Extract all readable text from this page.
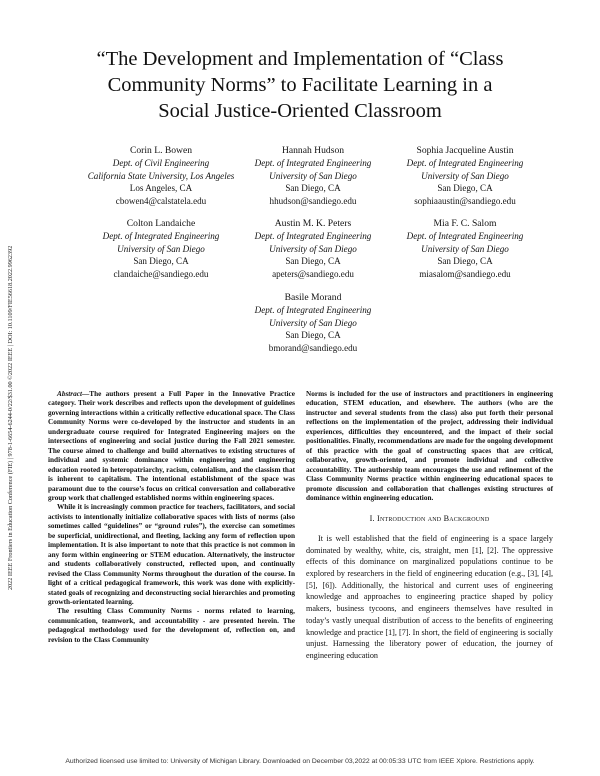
2022 IEEE Frontiers in Education Conference (FIE) | 978-1-6654-6244-0/22/$31.00 ©2022 IEEE | DOI: 10.1109/FIE56618.2022.9962392
“The Development and Implementation of “Class
Community Norms” to Facilitate Learning in a
Social Justice-Oriented Classroom
Corin L. Bowen
Dept. of Civil Engineering
California State University, Los Angeles
Los Angeles, CA
cbowen4@calstatela.edu
Hannah Hudson
Dept. of Integrated Engineering
University of San Diego
San Diego, CA
hhudson@sandiego.edu
Sophia Jacqueline Austin
Dept. of Integrated Engineering
University of San Diego
San Diego, CA
sophiaaustin@sandiego.edu
Colton Landaiche
Dept. of Integrated Engineering
University of San Diego
San Diego, CA
clandaiche@sandiego.edu
Austin M. K. Peters
Dept. of Integrated Engineering
University of San Diego
San Diego, CA
apeters@sandiego.edu
Mia F. C. Salom
Dept. of Integrated Engineering
University of San Diego
San Diego, CA
miasalom@sandiego.edu
Basile Morand
Dept. of Integrated Engineering
University of San Diego
San Diego, CA
bmorand@sandiego.edu

Abstract—The authors present a Full Paper in the Innovative Practice category. Their work describes and reflects upon the development of guidelines governing interactions within a critically reflective educational space. The Class Community Norms were co-developed by the instructor and students in an undergraduate course required for Integrated Engineering majors on the intersections of engineering and social justice during the Fall 2021 semester. The course aimed to challenge and build alternatives to existing structures of individual and systemic dominance within engineering and engineering education rooted in heteropatriarchy, racism, colonialism, and the classism that is inherent to capitalism. The intentional establishment of the space was paramount due to the course’s focus on critical conversation and collaborative group work that challenged established norms within engineering spaces.

While it is increasingly common practice for teachers, facilitators, and social activists to intentionally initialize collaborative spaces with lists of norms (also sometimes called “guidelines” or “ground rules”), the exercise can sometimes be superficial, unidirectional, and fleeting, lacking any form of reflection upon implementation. It is also important to note that this practice is not common in any form within engineering or STEM education. Alternatively, the instructor and students collaboratively constructed, reflected upon, and continually revised the Class Community Norms throughout the duration of the course. In light of a critical pedagogical framework, this work was done with explicitly-stated goals of recognizing and deconstructing social hierarchies and promoting growth-orientated learning.

The resulting Class Community Norms - norms related to learning, communication, teamwork, and accountability - are presented herein. The pedagogical methodology used for the development of, reflection on, and revision to the Class Community

Norms is included for the use of instructors and practitioners in engineering education, STEM education, and elsewhere. The authors (who are the instructor and several students from the class) also put forth their personal reflections on the implementation of the project, addressing their individual experiences, difficulties they encountered, and the impact of their social positionalities. Finally, recommendations are made for the ongoing development of this practice with the goal of constructing spaces that are critical, collaborative, growth-oriented, and promote individual and collective accountability. The authorship team encourages the use and refinement of the Class Community Norms practice within engineering educational spaces to promote discussion and collaboration that challenges existing structures of dominance within engineering education.

I. Introduction and Background

It is well established that the field of engineering is a space largely dominated by wealthy, white, cis, straight, men [1], [2]. The oppressive effects of this dominance on marginalized populations continue to be explored by researchers in the field of engineering education (e.g., [3], [4], [5], [6]). Additionally, the historical and current uses of engineering knowledge and approaches to engineering practice shaped by policy makers, business tycoons, and engineers themselves have resulted in today’s vastly unequal distribution of access to the benefits of engineering knowledge and practice [1], [7]. In short, the field of engineering is socially unjust. Harnessing the liberatory power of education, the journey of engineering education

Authorized licensed use limited to: University of Michigan Library. Downloaded on December 03,2022 at 00:05:33 UTC from IEEE Xplore. Restrictions apply.
